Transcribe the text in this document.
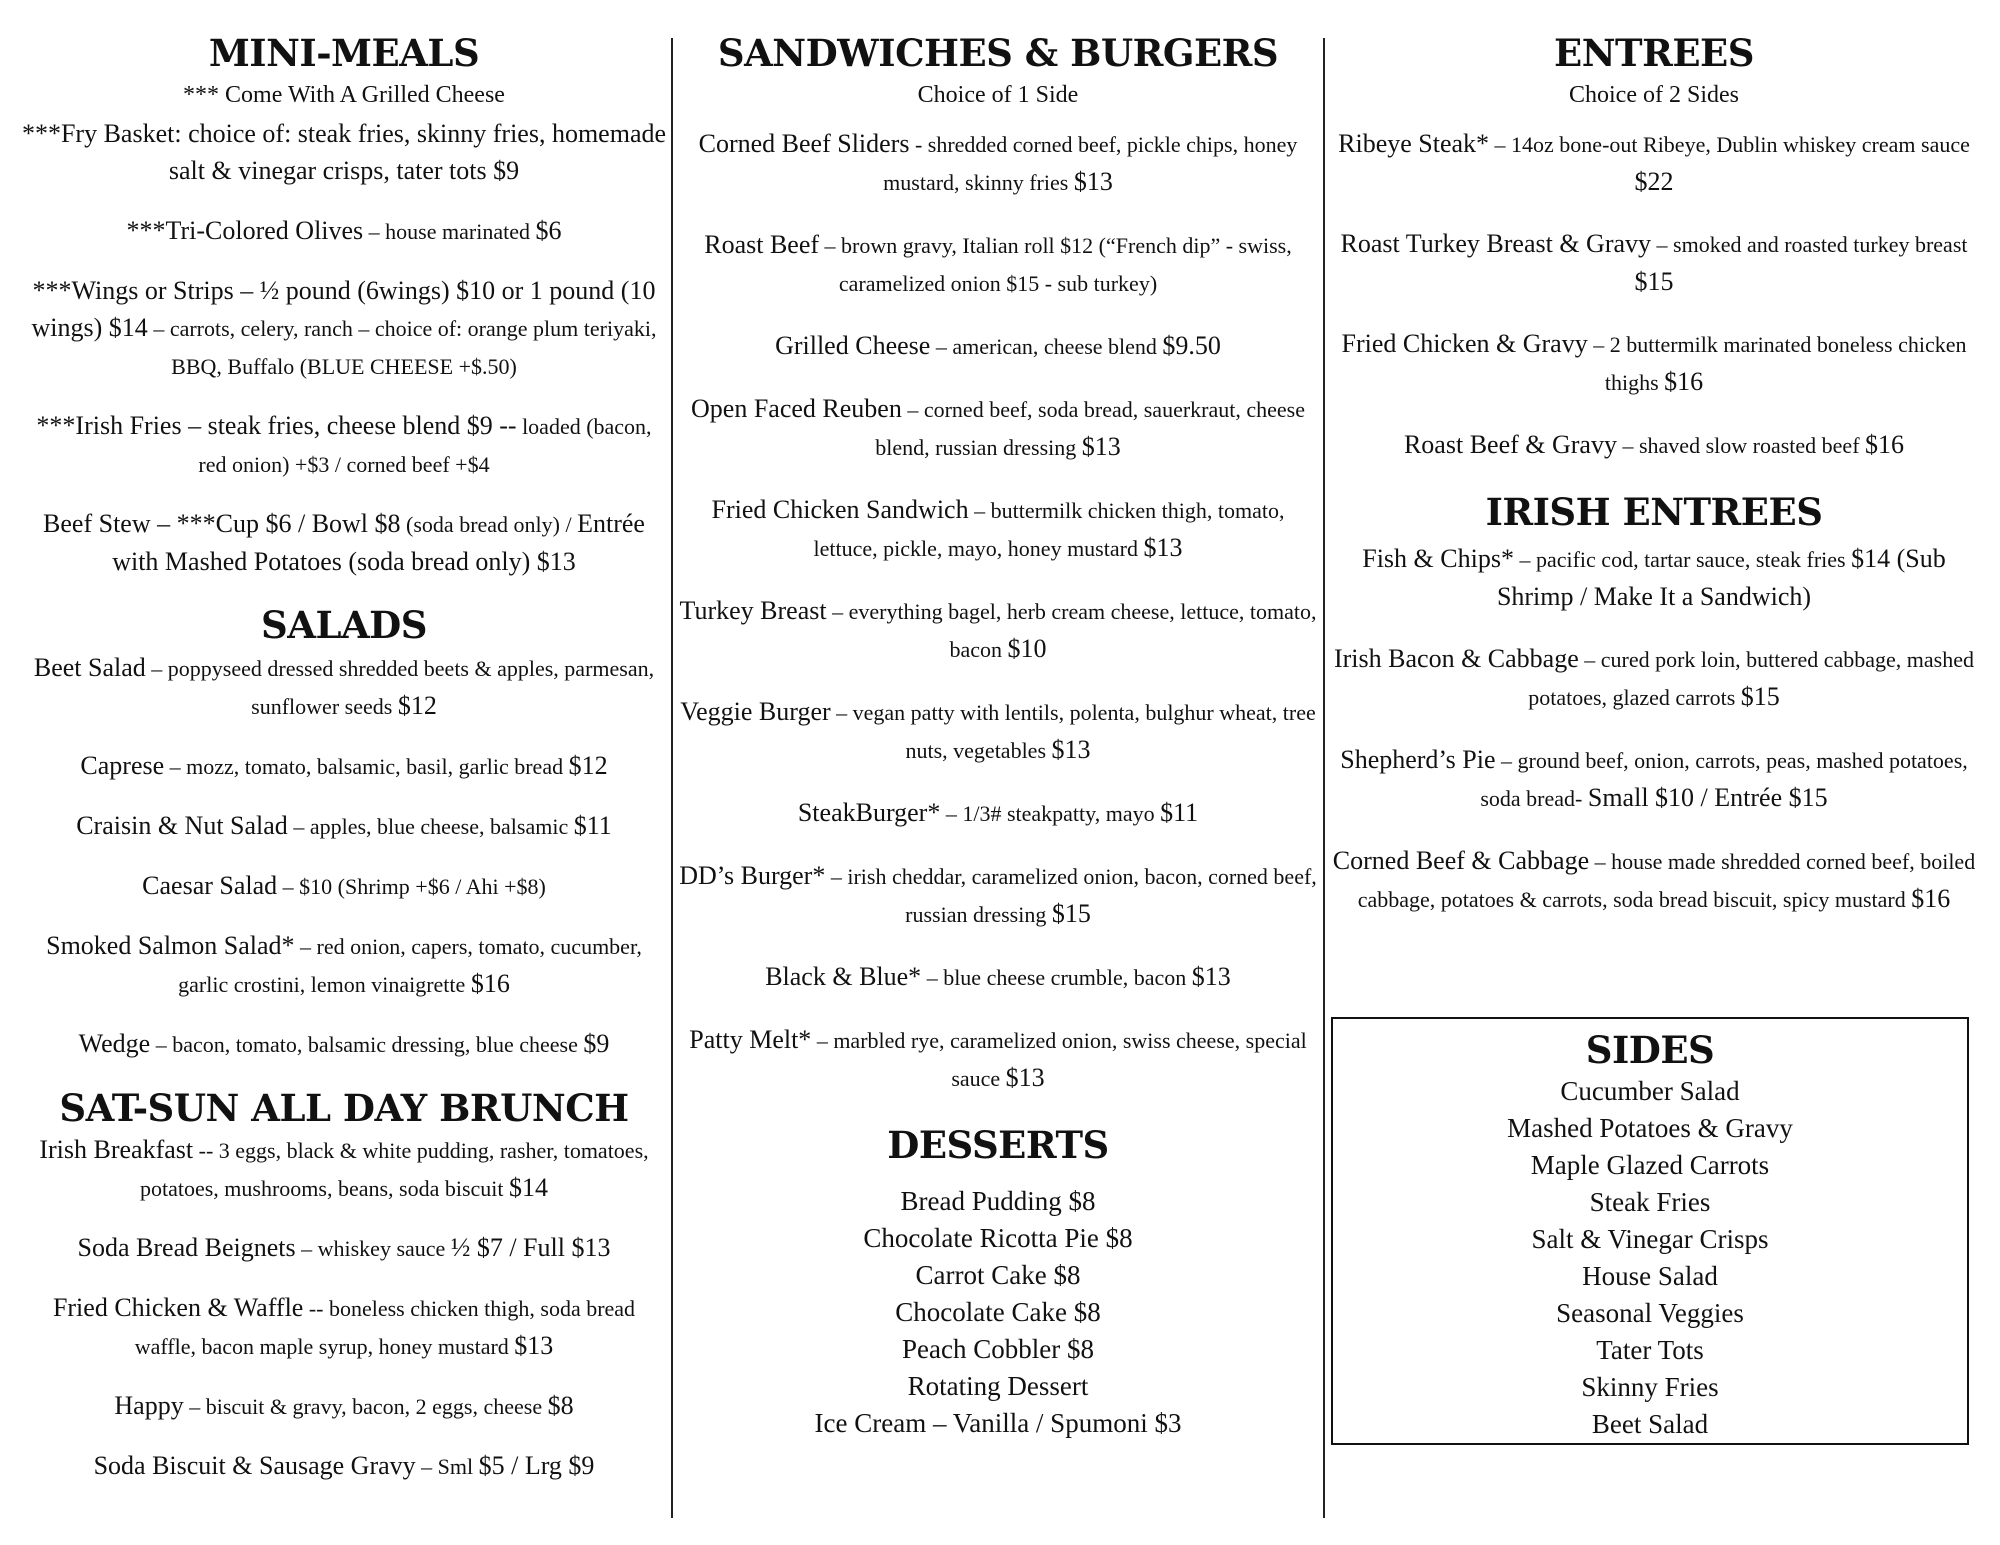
MINI-MEALS
*** Come With A Grilled Cheese
***Fry Basket: choice of: steak fries, skinny fries, homemade salt & vinegar crisps, tater tots $9
***Tri-Colored Olives – house marinated $6
***Wings or Strips – ½ pound (6wings) $10 or 1 pound (10 wings) $14 – carrots, celery, ranch – choice of: orange plum teriyaki, BBQ, Buffalo (BLUE CHEESE +$.50)
***Irish Fries – steak fries, cheese blend $9 -- loaded (bacon, red onion) +$3 / corned beef +$4
Beef Stew – ***Cup $6 / Bowl $8 (soda bread only) / Entrée with Mashed Potatoes (soda bread only) $13
SALADS
Beet Salad – poppyseed dressed shredded beets & apples, parmesan, sunflower seeds $12
Caprese – mozz, tomato, balsamic, basil, garlic bread $12
Craisin & Nut Salad – apples, blue cheese, balsamic $11
Caesar Salad – $10 (Shrimp +$6 / Ahi +$8)
Smoked Salmon Salad* – red onion, capers, tomato, cucumber, garlic crostini, lemon vinaigrette $16
Wedge – bacon, tomato, balsamic dressing, blue cheese $9
SAT-SUN ALL DAY BRUNCH
Irish Breakfast -- 3 eggs, black & white pudding, rasher, tomatoes, potatoes, mushrooms, beans, soda biscuit $14
Soda Bread Beignets – whiskey sauce ½ $7 / Full $13
Fried Chicken & Waffle -- boneless chicken thigh, soda bread waffle, bacon maple syrup, honey mustard $13
Happy – biscuit & gravy, bacon, 2 eggs, cheese $8
Soda Biscuit & Sausage Gravy – Sml $5 / Lrg $9
SANDWICHES & BURGERS
Choice of 1 Side
Corned Beef Sliders - shredded corned beef, pickle chips, honey mustard, skinny fries $13
Roast Beef – brown gravy, Italian roll $12 (“French dip” - swiss, caramelized onion $15 - sub turkey)
Grilled Cheese – american, cheese blend $9.50
Open Faced Reuben – corned beef, soda bread, sauerkraut, cheese blend, russian dressing $13
Fried Chicken Sandwich – buttermilk chicken thigh, tomato, lettuce, pickle, mayo, honey mustard $13
Turkey Breast – everything bagel, herb cream cheese, lettuce, tomato, bacon $10
Veggie Burger – vegan patty with lentils, polenta, bulghur wheat, tree nuts, vegetables $13
SteakBurger* – 1/3# steakpatty, mayo $11
DD’s Burger* – irish cheddar, caramelized onion, bacon, corned beef, russian dressing $15
Black & Blue* – blue cheese crumble, bacon $13
Patty Melt* – marbled rye, caramelized onion, swiss cheese, special sauce $13
DESSERTS
Bread Pudding $8
Chocolate Ricotta Pie $8
Carrot Cake $8
Chocolate Cake $8
Peach Cobbler $8
Rotating Dessert
Ice Cream – Vanilla / Spumoni $3
ENTREES
Choice of 2 Sides
Ribeye Steak* – 14oz bone-out Ribeye, Dublin whiskey cream sauce $22
Roast Turkey Breast & Gravy – smoked and roasted turkey breast $15
Fried Chicken & Gravy – 2 buttermilk marinated boneless chicken thighs $16
Roast Beef & Gravy – shaved slow roasted beef $16
IRISH ENTREES
Fish & Chips* – pacific cod, tartar sauce, steak fries $14 (Sub Shrimp / Make It a Sandwich)
Irish Bacon & Cabbage – cured pork loin, buttered cabbage, mashed potatoes, glazed carrots $15
Shepherd’s Pie – ground beef, onion, carrots, peas, mashed potatoes, soda bread- Small $10 / Entrée $15
Corned Beef & Cabbage – house made shredded corned beef, boiled cabbage, potatoes & carrots, soda bread biscuit, spicy mustard $16
SIDES
Cucumber Salad
Mashed Potatoes & Gravy
Maple Glazed Carrots
Steak Fries
Salt & Vinegar Crisps
House Salad
Seasonal Veggies
Tater Tots
Skinny Fries
Beet Salad
